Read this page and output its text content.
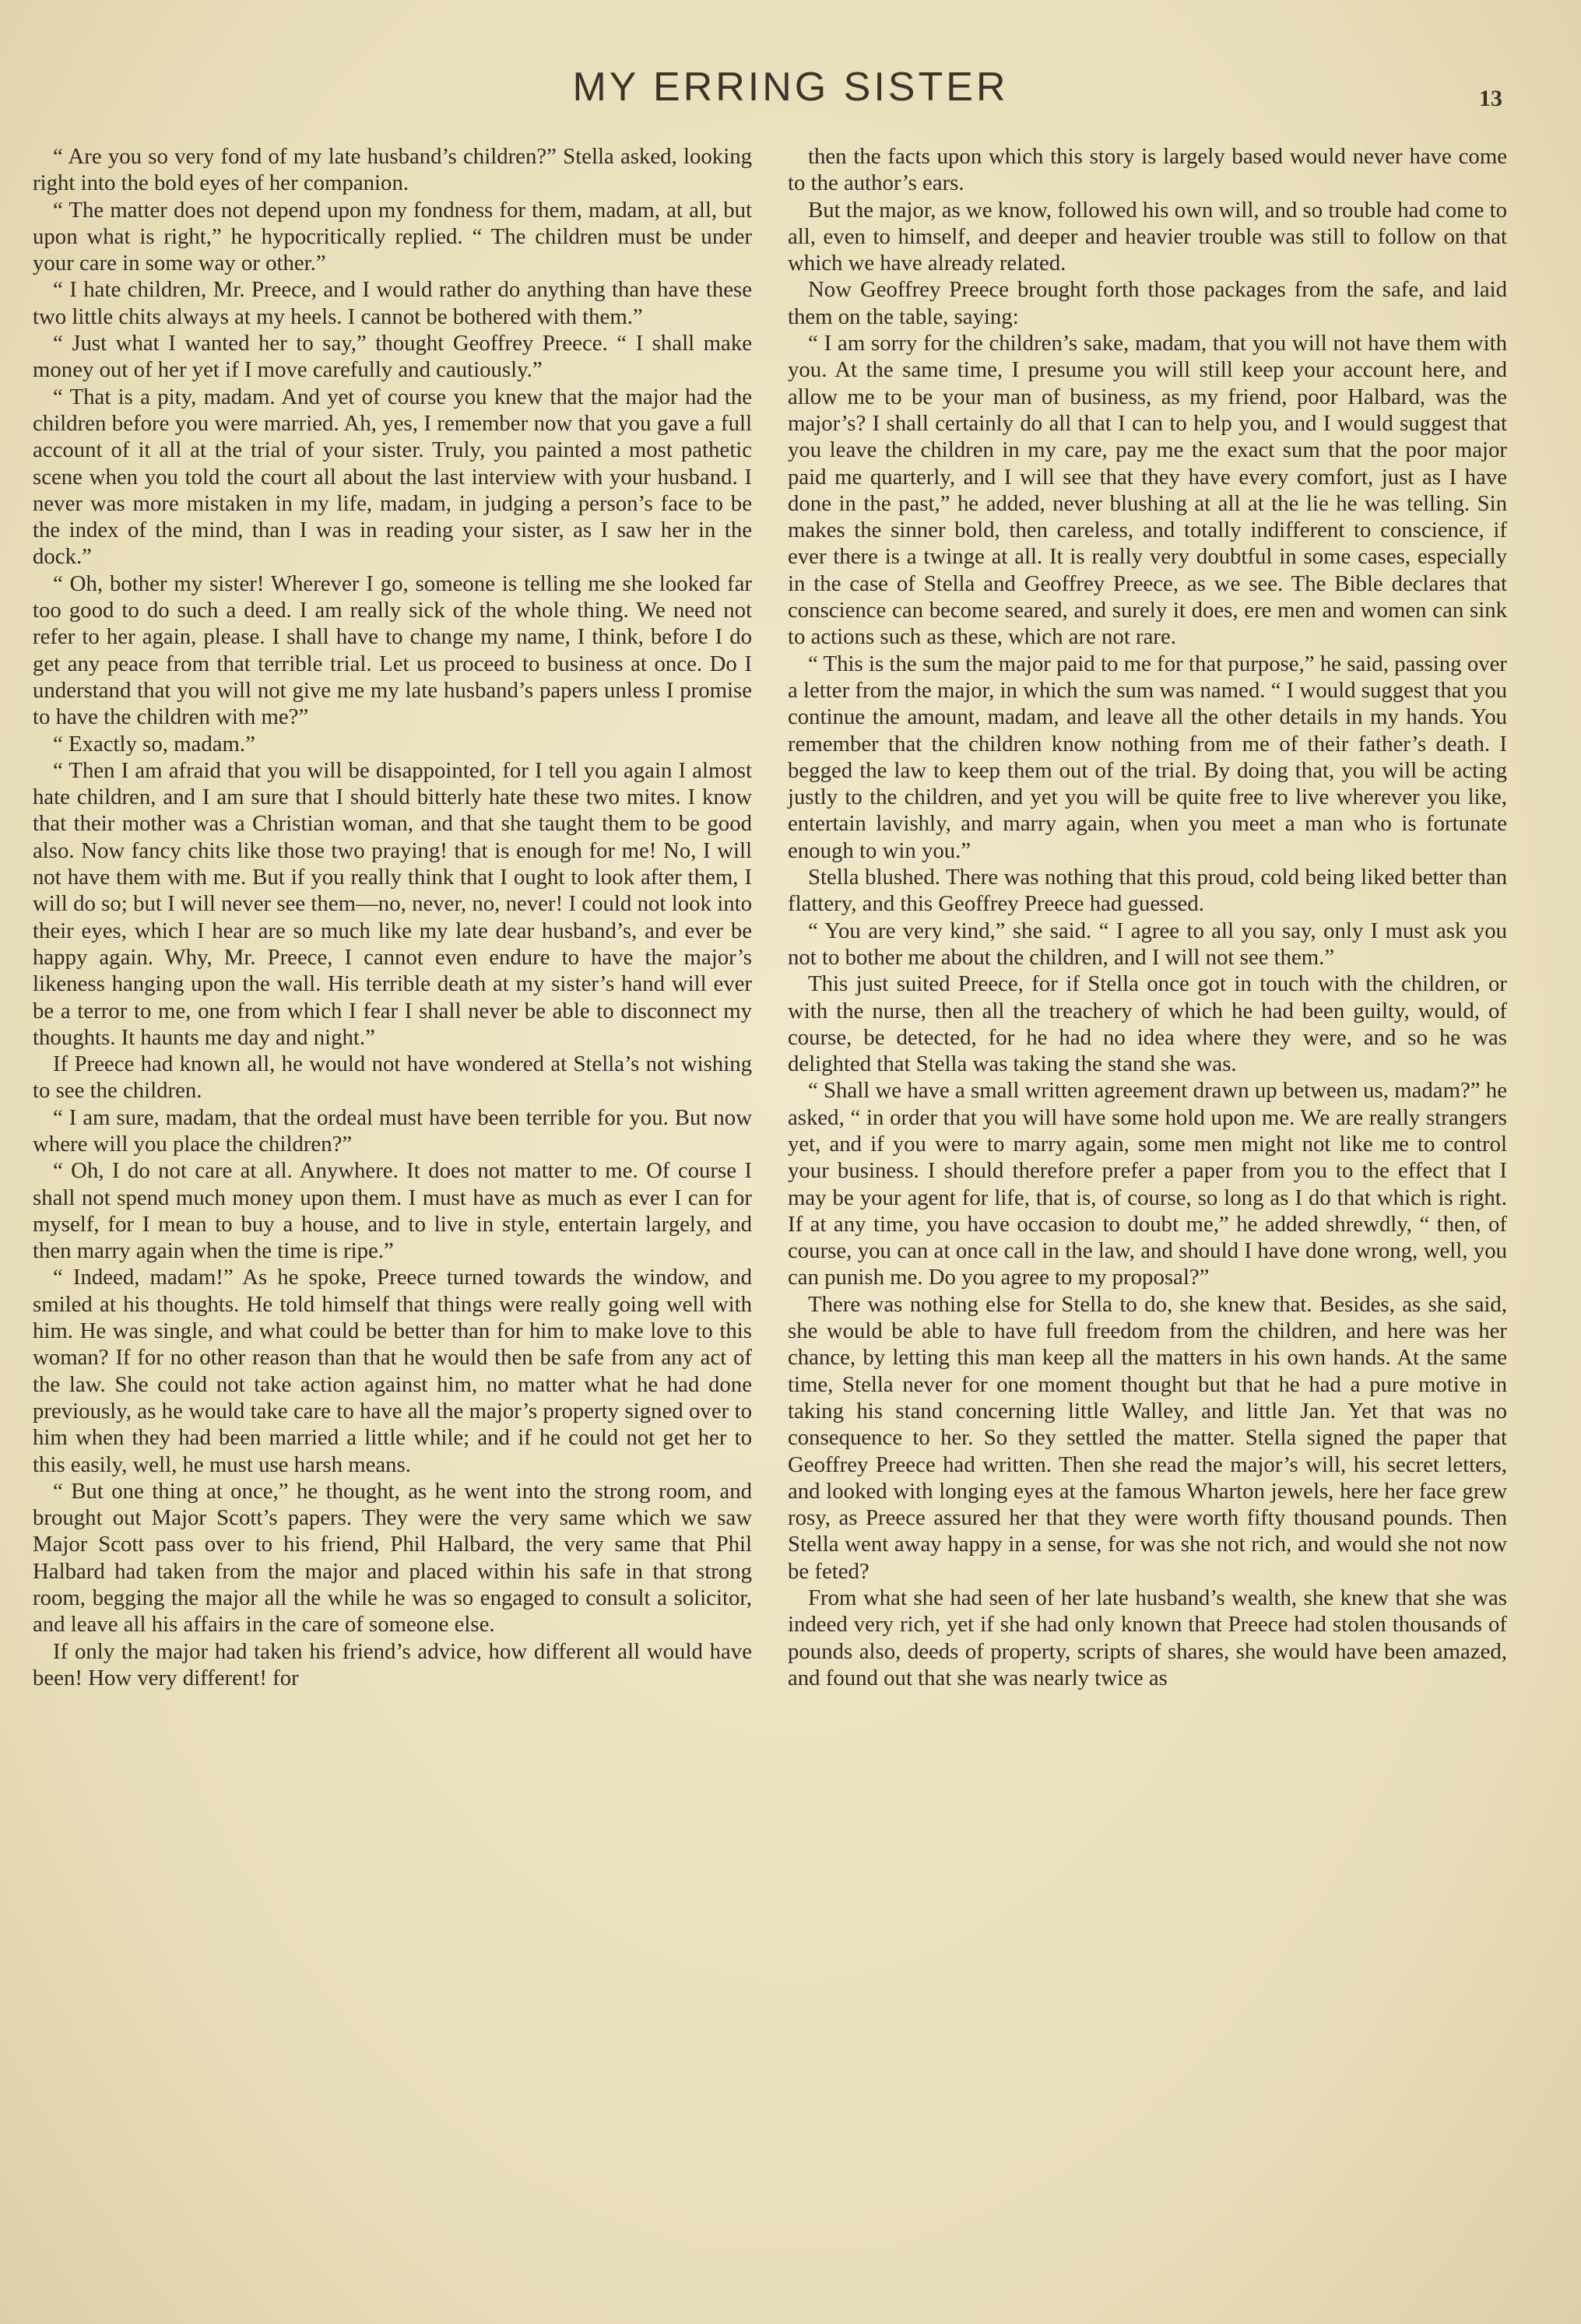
MY ERRING SISTER	13

“ Are you so very fond of my late husband’s children?” Stella asked, looking right into the bold eyes of her companion.

“ The matter does not depend upon my fondness for them, madam, at all, but upon what is right,” he hypocritically replied. “ The children must be under your care in some way or other.”

“ I hate children, Mr. Preece, and I would rather do anything than have these two little chits always at my heels. I cannot be bothered with them.”

“ Just what I wanted her to say,” thought Geoffrey Preece. “ I shall make money out of her yet if I move carefully and cautiously.”

“ That is a pity, madam. And yet of course you knew that the major had the children before you were married. Ah, yes, I remember now that you gave a full account of it all at the trial of your sister. Truly, you painted a most pathetic scene when you told the court all about the last interview with your husband. I never was more mistaken in my life, madam, in judging a person’s face to be the index of the mind, than I was in reading your sister, as I saw her in the dock.”

“ Oh, bother my sister! Wherever I go, someone is telling me she looked far too good to do such a deed. I am really sick of the whole thing. We need not refer to her again, please. I shall have to change my name, I think, before I do get any peace from that terrible trial. Let us proceed to business at once. Do I understand that you will not give me my late husband’s papers unless I promise to have the children with me?”

“ Exactly so, madam.”

“ Then I am afraid that you will be disappointed, for I tell you again I almost hate children, and I am sure that I should bitterly hate these two mites. I know that their mother was a Christian woman, and that she taught them to be good also. Now fancy chits like those two praying! that is enough for me! No, I will not have them with me. But if you really think that I ought to look after them, I will do so; but I will never see them—no, never, no, never! I could not look into their eyes, which I hear are so much like my late dear husband’s, and ever be happy again. Why, Mr. Preece, I cannot even endure to have the major’s likeness hanging upon the wall. His terrible death at my sister’s hand will ever be a terror to me, one from which I fear I shall never be able to disconnect my thoughts. It haunts me day and night.”

If Preece had known all, he would not have wondered at Stella’s not wishing to see the children.

“ I am sure, madam, that the ordeal must have been terrible for you. But now where will you place the children?”

“ Oh, I do not care at all. Anywhere. It does not matter to me. Of course I shall not spend much money upon them. I must have as much as ever I can for myself, for I mean to buy a house, and to live in style, entertain largely, and then marry again when the time is ripe.”

“ Indeed, madam!” As he spoke, Preece turned towards the window, and smiled at his thoughts. He told himself that things were really going well with him. He was single, and what could be better than for him to make love to this woman? If for no other reason than that he would then be safe from any act of the law. She could not take action against him, no matter what he had done previously, as he would take care to have all the major’s property signed over to him when they had been married a little while; and if he could not get her to this easily, well, he must use harsh means.

“ But one thing at once,” he thought, as he went into the strong room, and brought out Major Scott’s papers. They were the very same which we saw Major Scott pass over to his friend, Phil Halbard, the very same that Phil Halbard had taken from the major and placed within his safe in that strong room, begging the major all the while he was so engaged to consult a solicitor, and leave all his affairs in the care of someone else.

If only the major had taken his friend’s advice, how different all would have been! How very different! for

then the facts upon which this story is largely based would never have come to the author’s ears.

But the major, as we know, followed his own will, and so trouble had come to all, even to himself, and deeper and heavier trouble was still to follow on that which we have already related.

Now Geoffrey Preece brought forth those packages from the safe, and laid them on the table, saying:

“ I am sorry for the children’s sake, madam, that you will not have them with you. At the same time, I presume you will still keep your account here, and allow me to be your man of business, as my friend, poor Halbard, was the major’s? I shall certainly do all that I can to help you, and I would suggest that you leave the children in my care, pay me the exact sum that the poor major paid me quarterly, and I will see that they have every comfort, just as I have done in the past,” he added, never blushing at all at the lie he was telling. Sin makes the sinner bold, then careless, and totally indifferent to conscience, if ever there is a twinge at all. It is really very doubtful in some cases, especially in the case of Stella and Geoffrey Preece, as we see. The Bible declares that conscience can become seared, and surely it does, ere men and women can sink to actions such as these, which are not rare.

“ This is the sum the major paid to me for that purpose,” he said, passing over a letter from the major, in which the sum was named. “ I would suggest that you continue the amount, madam, and leave all the other details in my hands. You remember that the children know nothing from me of their father’s death. I begged the law to keep them out of the trial. By doing that, you will be acting justly to the children, and yet you will be quite free to live wherever you like, entertain lavishly, and marry again, when you meet a man who is fortunate enough to win you.”

Stella blushed. There was nothing that this proud, cold being liked better than flattery, and this Geoffrey Preece had guessed.

“ You are very kind,” she said. “ I agree to all you say, only I must ask you not to bother me about the children, and I will not see them.”

This just suited Preece, for if Stella once got in touch with the children, or with the nurse, then all the treachery of which he had been guilty, would, of course, be detected, for he had no idea where they were, and so he was delighted that Stella was taking the stand she was.

“ Shall we have a small written agreement drawn up between us, madam?” he asked, “ in order that you will have some hold upon me. We are really strangers yet, and if you were to marry again, some men might not like me to control your business. I should therefore prefer a paper from you to the effect that I may be your agent for life, that is, of course, so long as I do that which is right. If at any time, you have occasion to doubt me,” he added shrewdly, “ then, of course, you can at once call in the law, and should I have done wrong, well, you can punish me. Do you agree to my proposal?”

There was nothing else for Stella to do, she knew that. Besides, as she said, she would be able to have full freedom from the children, and here was her chance, by letting this man keep all the matters in his own hands. At the same time, Stella never for one moment thought but that he had a pure motive in taking his stand concerning little Walley, and little Jan. Yet that was no consequence to her. So they settled the matter. Stella signed the paper that Geoffrey Preece had written. Then she read the major’s will, his secret letters, and looked with longing eyes at the famous Wharton jewels, here her face grew rosy, as Preece assured her that they were worth fifty thousand pounds. Then Stella went away happy in a sense, for was she not rich, and would she not now be feted?

From what she had seen of her late husband’s wealth, she knew that she was indeed very rich, yet if she had only known that Preece had stolen thousands of pounds also, deeds of property, scripts of shares, she would have been amazed, and found out that she was nearly twice as
